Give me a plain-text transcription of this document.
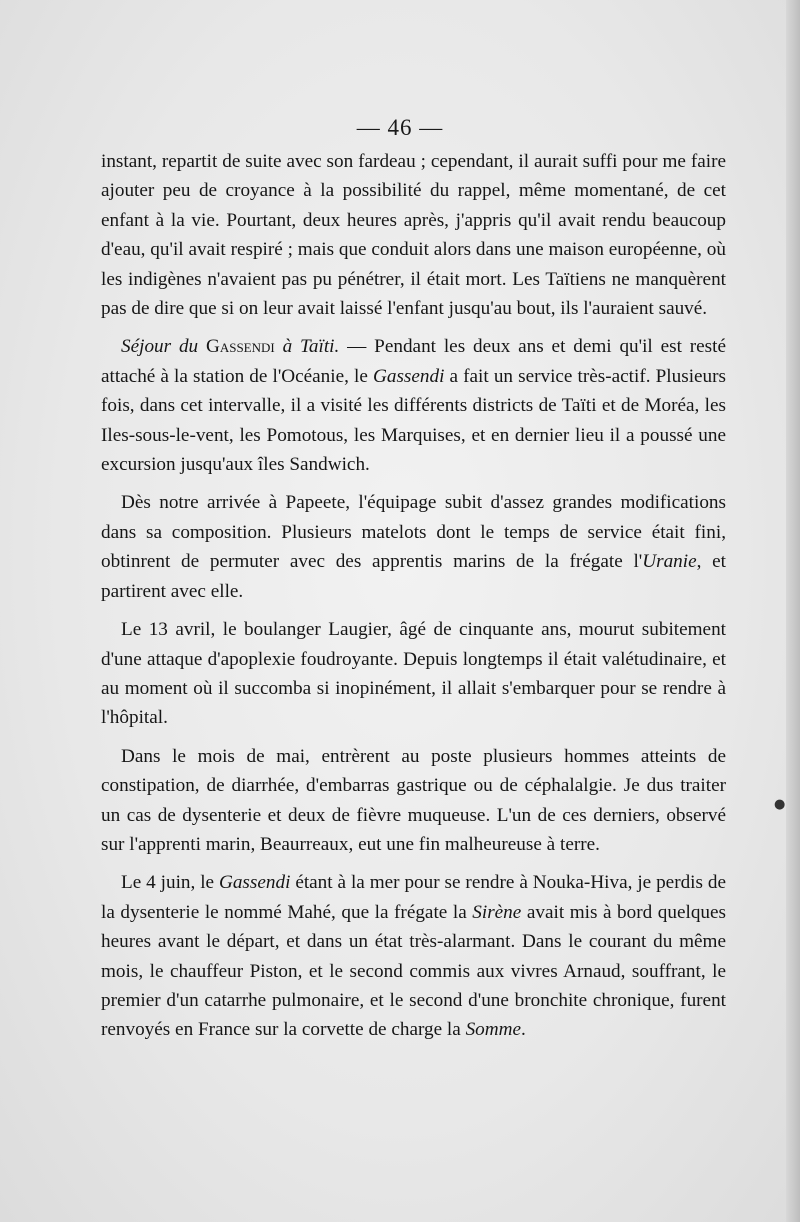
— 46 —

instant, repartit de suite avec son fardeau ; cependant, il aurait suffi pour me faire ajouter peu de croyance à la possibilité du rappel, même momentané, de cet enfant à la vie. Pourtant, deux heures après, j'appris qu'il avait rendu beaucoup d'eau, qu'il avait respiré ; mais que conduit alors dans une maison européenne, où les indigènes n'avaient pas pu pénétrer, il était mort. Les Taïtiens ne manquèrent pas de dire que si on leur avait laissé l'enfant jusqu'au bout, ils l'auraient sauvé.

Séjour du Gassendi à Taïti. — Pendant les deux ans et demi qu'il est resté attaché à la station de l'Océanie, le Gassendi a fait un service très-actif. Plusieurs fois, dans cet intervalle, il a visité les différents districts de Taïti et de Moréa, les Iles-sous-le-vent, les Pomotous, les Marquises, et en dernier lieu il a poussé une excursion jusqu'aux îles Sandwich.

Dès notre arrivée à Papeete, l'équipage subit d'assez grandes modifications dans sa composition. Plusieurs matelots dont le temps de service était fini, obtinrent de permuter avec des apprentis marins de la frégate l'Uranie, et partirent avec elle.

Le 13 avril, le boulanger Laugier, âgé de cinquante ans, mourut subitement d'une attaque d'apoplexie foudroyante. Depuis longtemps il était valétudinaire, et au moment où il succomba si inopinément, il allait s'embarquer pour se rendre à l'hôpital.

Dans le mois de mai, entrèrent au poste plusieurs hommes atteints de constipation, de diarrhée, d'embarras gastrique ou de céphalalgie. Je dus traiter un cas de dysenterie et deux de fièvre muqueuse. L'un de ces derniers, observé sur l'apprenti marin, Beaurreaux, eut une fin malheureuse à terre.

Le 4 juin, le Gassendi étant à la mer pour se rendre à Nouka-Hiva, je perdis de la dysenterie le nommé Mahé, que la frégate la Sirène avait mis à bord quelques heures avant le départ, et dans un état très-alarmant. Dans le courant du même mois, le chauffeur Piston, et le second commis aux vivres Arnaud, souffrant, le premier d'un catarrhe pulmonaire, et le second d'une bronchite chronique, furent renvoyés en France sur la corvette de charge la Somme.

●
